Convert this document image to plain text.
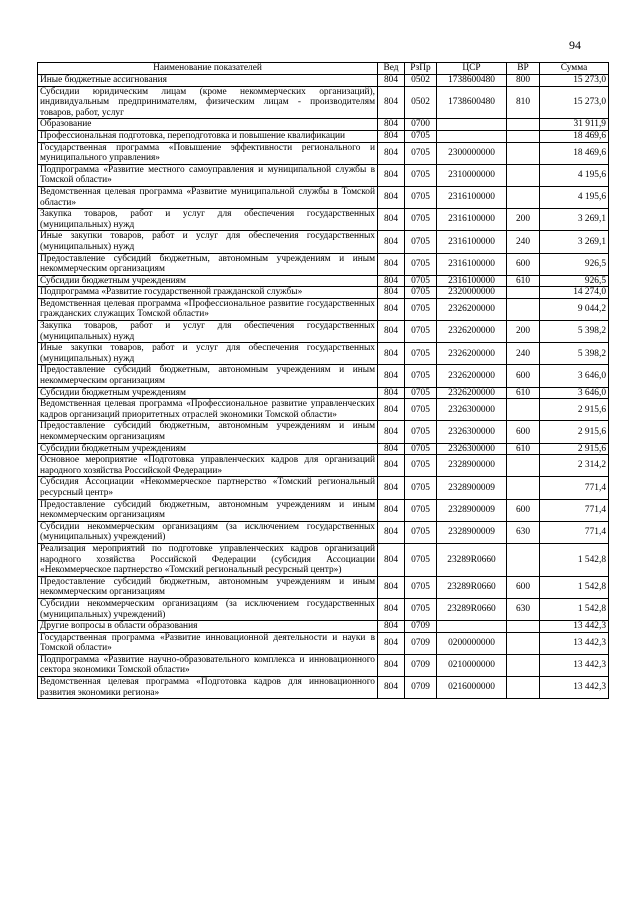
94
Наименование показателей	Вед	РзПр	ЦСР	ВР	Сумма
Иные бюджетные ассигнования	804	0502	1738600480	800	15 273,0
Субсидии юридическим лицам (кроме некоммерческих организаций), индивидуальным предпринимателям, физическим лицам - производителям товаров, работ, услуг	804	0502	1738600480	810	15 273,0
Образование	804	0700			31 911,9
Профессиональная подготовка, переподготовка и повышение квалификации	804	0705			18 469,6
Государственная программа «Повышение эффективности регионального и муниципального управления»	804	0705	2300000000		18 469,6
Подпрограмма «Развитие местного самоуправления и муниципальной службы в Томской области»	804	0705	2310000000		4 195,6
Ведомственная целевая программа «Развитие муниципальной службы в Томской области»	804	0705	2316100000		4 195,6
Закупка товаров, работ и услуг для обеспечения государственных (муниципальных) нужд	804	0705	2316100000	200	3 269,1
Иные закупки товаров, работ и услуг для обеспечения государственных (муниципальных) нужд	804	0705	2316100000	240	3 269,1
Предоставление субсидий бюджетным, автономным учреждениям и иным некоммерческим организациям	804	0705	2316100000	600	926,5
Субсидии бюджетным учреждениям	804	0705	2316100000	610	926,5
Подпрограмма «Развитие государственной гражданской службы»	804	0705	2320000000		14 274,0
Ведомственная целевая программа «Профессиональное развитие государственных гражданских служащих Томской области»	804	0705	2326200000		9 044,2
Закупка товаров, работ и услуг для обеспечения государственных (муниципальных) нужд	804	0705	2326200000	200	5 398,2
Иные закупки товаров, работ и услуг для обеспечения государственных (муниципальных) нужд	804	0705	2326200000	240	5 398,2
Предоставление субсидий бюджетным, автономным учреждениям и иным некоммерческим организациям	804	0705	2326200000	600	3 646,0
Субсидии бюджетным учреждениям	804	0705	2326200000	610	3 646,0
Ведомственная целевая программа «Профессиональное развитие управленческих кадров организаций приоритетных отраслей экономики Томской области»	804	0705	2326300000		2 915,6
Предоставление субсидий бюджетным, автономным учреждениям и иным некоммерческим организациям	804	0705	2326300000	600	2 915,6
Субсидии бюджетным учреждениям	804	0705	2326300000	610	2 915,6
Основное мероприятие «Подготовка управленческих кадров для организаций народного хозяйства Российской Федерации»	804	0705	2328900000		2 314,2
Субсидия Ассоциации «Некоммерческое партнерство «Томский региональный ресурсный центр»	804	0705	2328900009		771,4
Предоставление субсидий бюджетным, автономным учреждениям и иным некоммерческим организациям	804	0705	2328900009	600	771,4
Субсидии некоммерческим организациям (за исключением государственных (муниципальных) учреждений)	804	0705	2328900009	630	771,4
Реализация мероприятий по подготовке управленческих кадров организаций народного хозяйства Российской Федерации (субсидия Ассоциации «Некоммерческое партнерство «Томский региональный ресурсный центр»)	804	0705	23289R0660		1 542,8
Предоставление субсидий бюджетным, автономным учреждениям и иным некоммерческим организациям	804	0705	23289R0660	600	1 542,8
Субсидии некоммерческим организациям (за исключением государственных (муниципальных) учреждений)	804	0705	23289R0660	630	1 542,8
Другие вопросы в области образования	804	0709			13 442,3
Государственная программа «Развитие инновационной деятельности и науки в Томской области»	804	0709	0200000000		13 442,3
Подпрограмма «Развитие научно-образовательного комплекса и инновационного сектора экономики Томской области»	804	0709	0210000000		13 442,3
Ведомственная целевая программа «Подготовка кадров для инновационного развития экономики региона»	804	0709	0216000000		13 442,3
